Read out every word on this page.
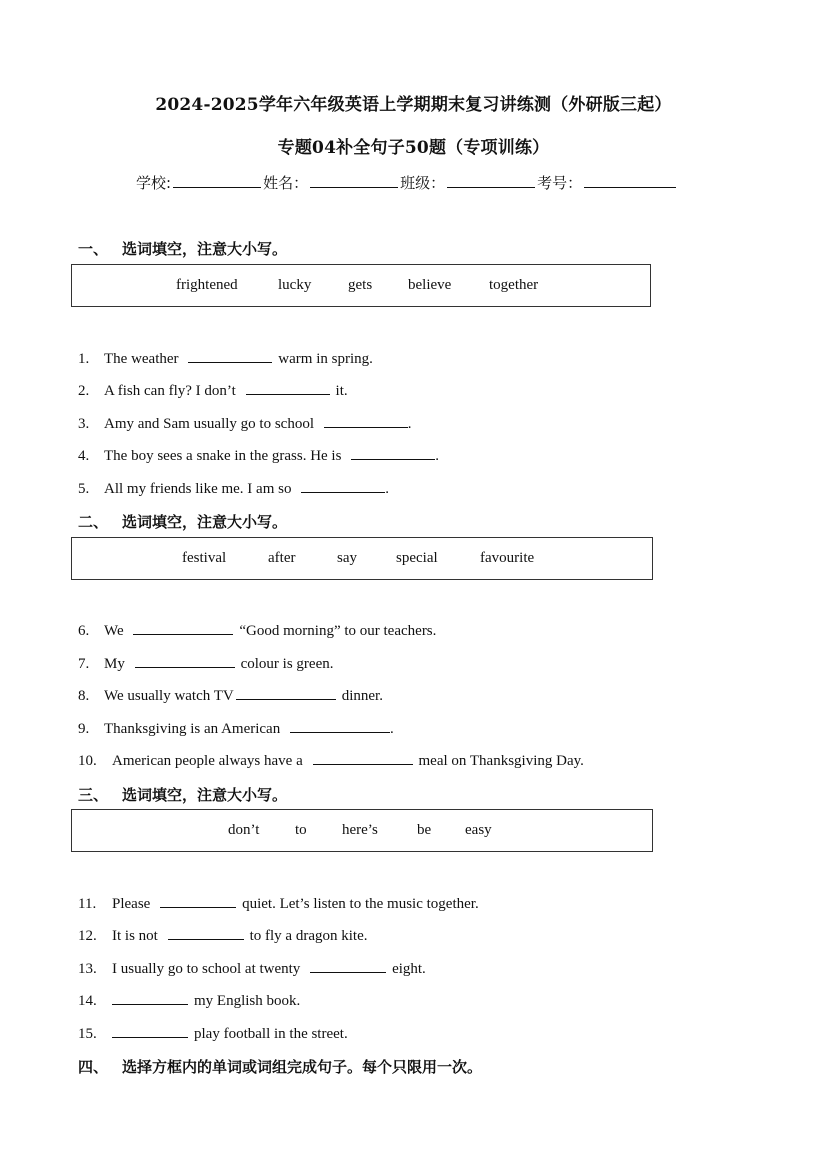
2024-2025学年六年级英语上学期期末复习讲练测（外研版三起）
专题04补全句子50题（专项训练）
学校:	姓名：	班级：	考号：
一、 选词填空，注意大小写。
frightened	lucky gets believe	together
1. The weather	warm in spring.
2. A fish can fly? I don’t	it.
3. Amy and Sam usually go to school	.
4. The boy sees a snake in the grass. He is	.
5. All my friends like me. I am so	.
二、 选词填空，注意大小写。
festival	after	say	special	favourite
6. We	“Good morning” to our teachers.
7. My	colour is green.
8. We usually watch TV	dinner.
9. Thanksgiving is an American	.
10. American people always have a	meal on Thanksgiving Day.
三、 选词填空，注意大小写。
don’t to here’s	be easy
11. Please	quiet. Let’s listen to the music together.
12. It is not	to fly a dragon kite.
13. I usually go to school at twenty	eight.
14.	my English book.
15.	play football in the street.
四、 选择方框内的单词或词组完成句子。每个只限用一次。
